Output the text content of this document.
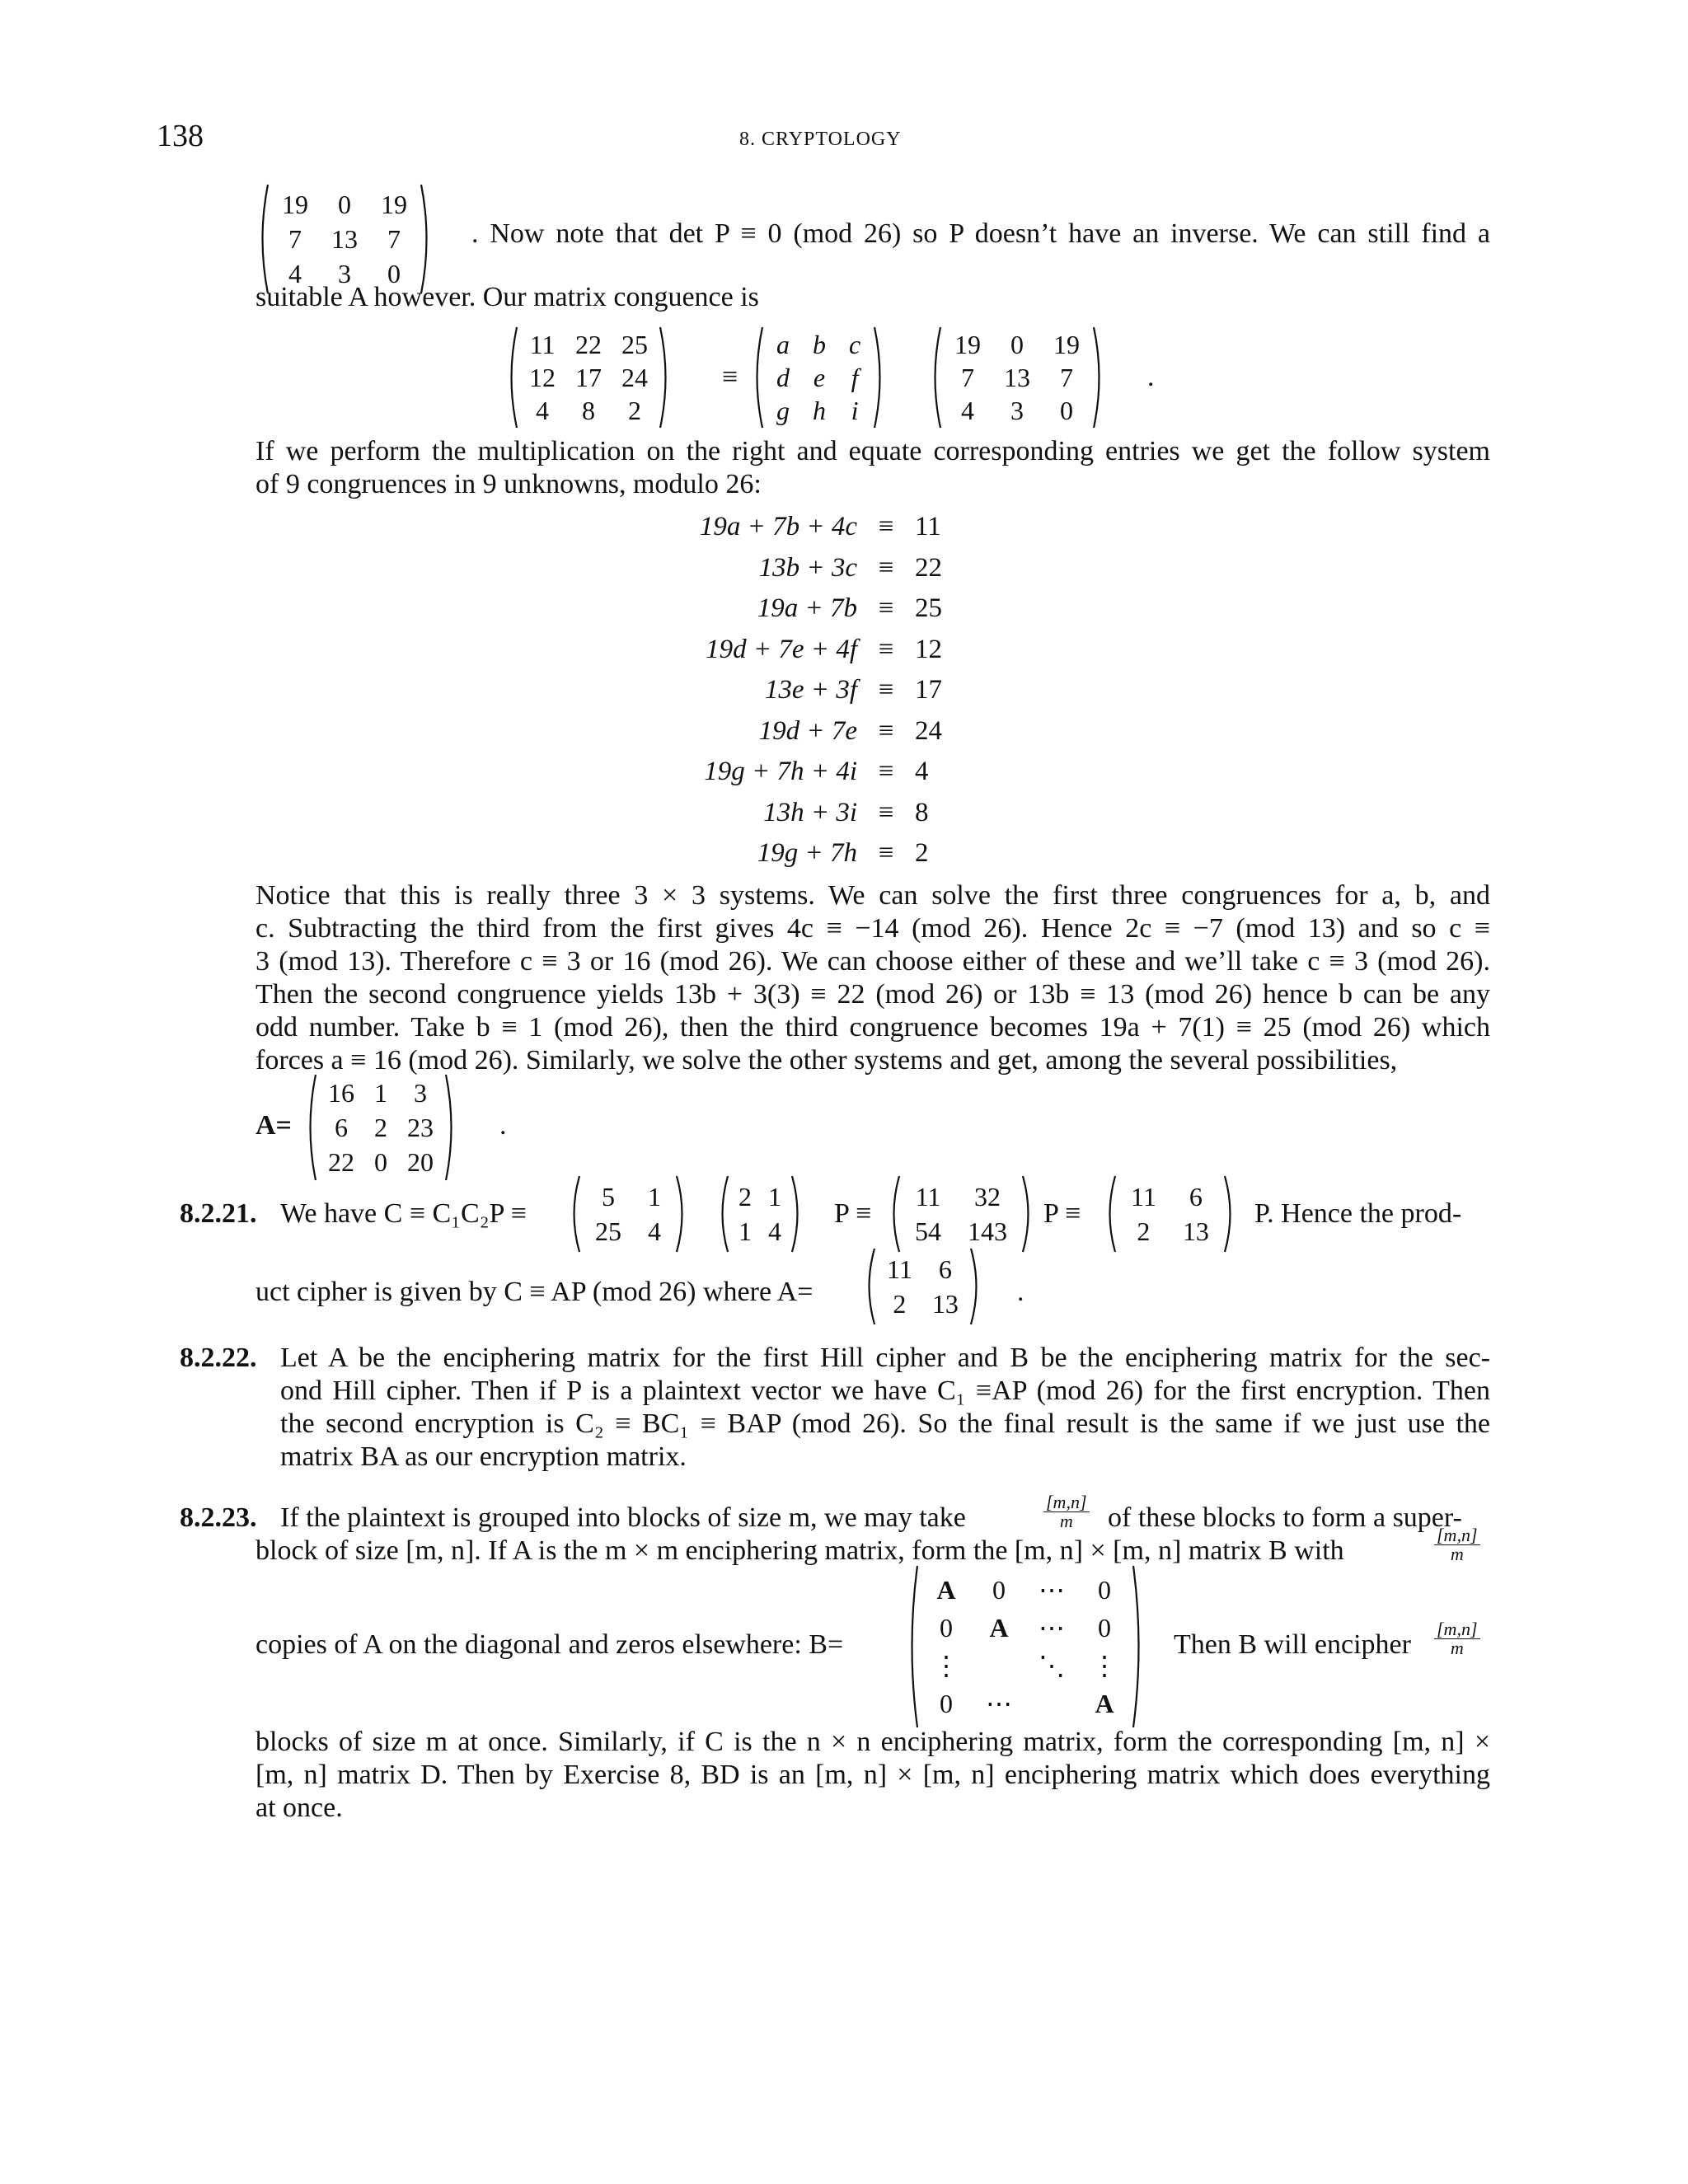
138	8. CRYPTOLOGY
19	0	19
7	13	7
4	3	0
. Now note that det P ≡ 0 (mod 26) so P doesn’t have an inverse. We can still find a
suitable A however. Our matrix conguence is
11	22	25
12	17	24
4	8	2
≡
a	b	c
d	e	f
g	h	i
19	0	19
7	13	7
4	3	0
.
If we perform the multiplication on the right and equate corresponding entries we get the follow system
of 9 congruences in 9 unknowns, modulo 26:
19a + 7b + 4c	≡	11
13b + 3c	≡	22
19a + 7b	≡	25
19d + 7e + 4f	≡	12
13e + 3f	≡	17
19d + 7e	≡	24
19g + 7h + 4i	≡	4
13h + 3i	≡	8
19g + 7h	≡	2
Notice that this is really three 3 × 3 systems. We can solve the first three congruences for a, b, and
c. Subtracting the third from the first gives 4c ≡ −14 (mod 26). Hence 2c ≡ −7 (mod 13) and so c ≡
3 (mod 13). Therefore c ≡ 3 or 16 (mod 26). We can choose either of these and we’ll take c ≡ 3 (mod 26).
Then the second congruence yields 13b + 3(3) ≡ 22 (mod 26) or 13b ≡ 13 (mod 26) hence b can be any
odd number. Take b ≡ 1 (mod 26), then the third congruence becomes 19a + 7(1) ≡ 25 (mod 26) which
forces a ≡ 16 (mod 26). Similarly, we solve the other systems and get, among the several possibilities,
A=
16	1	3
6	2	23
22	0	20
.
8.2.21. We have C ≡ C₁C₂P ≡
5	1
25	4
2	1
1	4
P ≡
11	32
54	143
P ≡
11	6
2	13
P. Hence the prod-
uct cipher is given by C ≡ AP (mod 26) where A=
11	6
2	13 .
8.2.22. Let A be the enciphering matrix for the first Hill cipher and B be the enciphering matrix for the sec-
ond Hill cipher. Then if P is a plaintext vector we have C₁ ≡AP (mod 26) for the first encryption. Then
the second encryption is C₂ ≡ BC₁ ≡ BAP (mod 26). So the final result is the same if we just use the
matrix BA as our encryption matrix.
8.2.23. If the plaintext is grouped into blocks of size m, we may take	$\frac{[m,n]}{m}$ of these blocks to form a super-
block of size [m, n]. If A is the m × m enciphering matrix, form the [m, n] × [m, n] matrix B with	$\frac{[m,n]}{m}$
copies of A on the diagonal and zeros elsewhere: B=
A	0	⋯	0
0	A	⋯	0
⋮		⋱	⋮
0	⋯		A
Then B will encipher $\frac{[m,n]}{m}$
blocks of size m at once. Similarly, if C is the n × n enciphering matrix, form the corresponding [m, n] ×
[m, n] matrix D. Then by Exercise 8, BD is an [m, n] × [m, n] enciphering matrix which does everything
at once.
